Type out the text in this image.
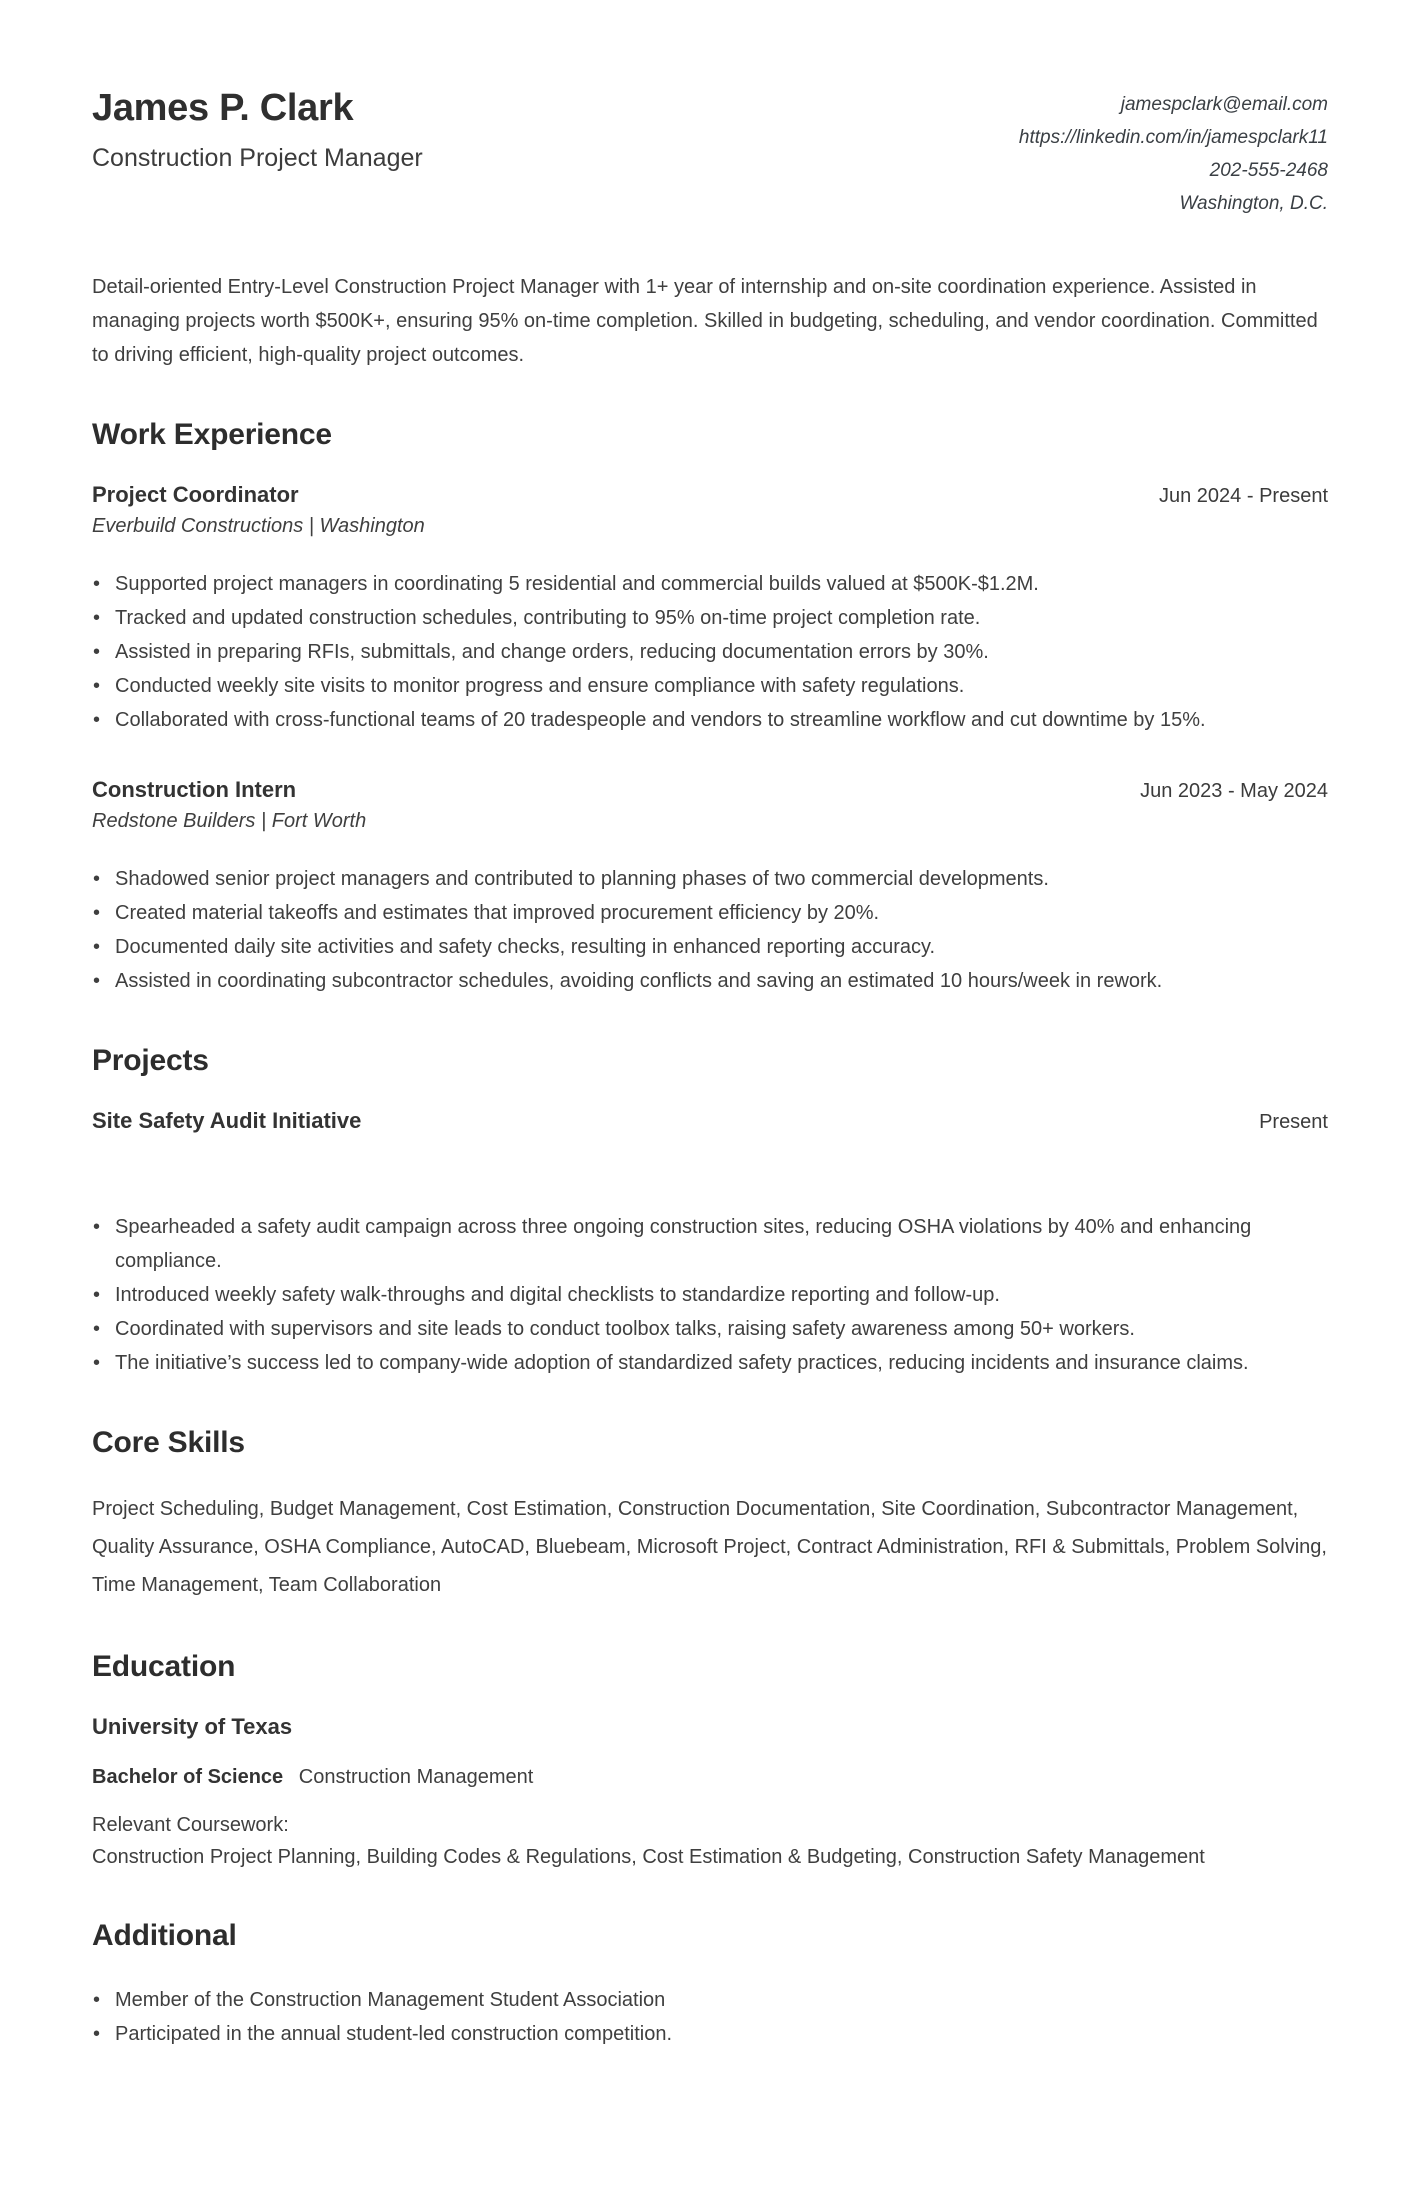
James P. Clark
Construction Project Manager
jamespclark@email.com
https://linkedin.com/in/jamespclark11
202-555-2468
Washington, D.C.

Detail-oriented Entry-Level Construction Project Manager with 1+ year of internship and on-site coordination experience. Assisted in managing projects worth $500K+, ensuring 95% on-time completion. Skilled in budgeting, scheduling, and vendor coordination. Committed to driving efficient, high-quality project outcomes.

Work Experience
Project Coordinator	Jun 2024 - Present
Everbuild Constructions | Washington
• Supported project managers in coordinating 5 residential and commercial builds valued at $500K-$1.2M.
• Tracked and updated construction schedules, contributing to 95% on-time project completion rate.
• Assisted in preparing RFIs, submittals, and change orders, reducing documentation errors by 30%.
• Conducted weekly site visits to monitor progress and ensure compliance with safety regulations.
• Collaborated with cross-functional teams of 20 tradespeople and vendors to streamline workflow and cut downtime by 15%.
Construction Intern	Jun 2023 - May 2024
Redstone Builders | Fort Worth
• Shadowed senior project managers and contributed to planning phases of two commercial developments.
• Created material takeoffs and estimates that improved procurement efficiency by 20%.
• Documented daily site activities and safety checks, resulting in enhanced reporting accuracy.
• Assisted in coordinating subcontractor schedules, avoiding conflicts and saving an estimated 10 hours/week in rework.
Projects
Site Safety Audit Initiative	Present
• Spearheaded a safety audit campaign across three ongoing construction sites, reducing OSHA violations by 40% and enhancing compliance.
• Introduced weekly safety walk-throughs and digital checklists to standardize reporting and follow-up.
• Coordinated with supervisors and site leads to conduct toolbox talks, raising safety awareness among 50+ workers.
• The initiative’s success led to company-wide adoption of standardized safety practices, reducing incidents and insurance claims.
Core Skills

Project Scheduling, Budget Management, Cost Estimation, Construction Documentation, Site Coordination, Subcontractor Management, Quality Assurance, OSHA Compliance, AutoCAD, Bluebeam, Microsoft Project, Contract Administration, RFI & Submittals, Problem Solving, Time Management, Team Collaboration

Education
University of Texas
Bachelor of Science Construction Management
Relevant Coursework:
Construction Project Planning, Building Codes & Regulations, Cost Estimation & Budgeting, Construction Safety Management
Additional
• Member of the Construction Management Student Association
• Participated in the annual student-led construction competition.
